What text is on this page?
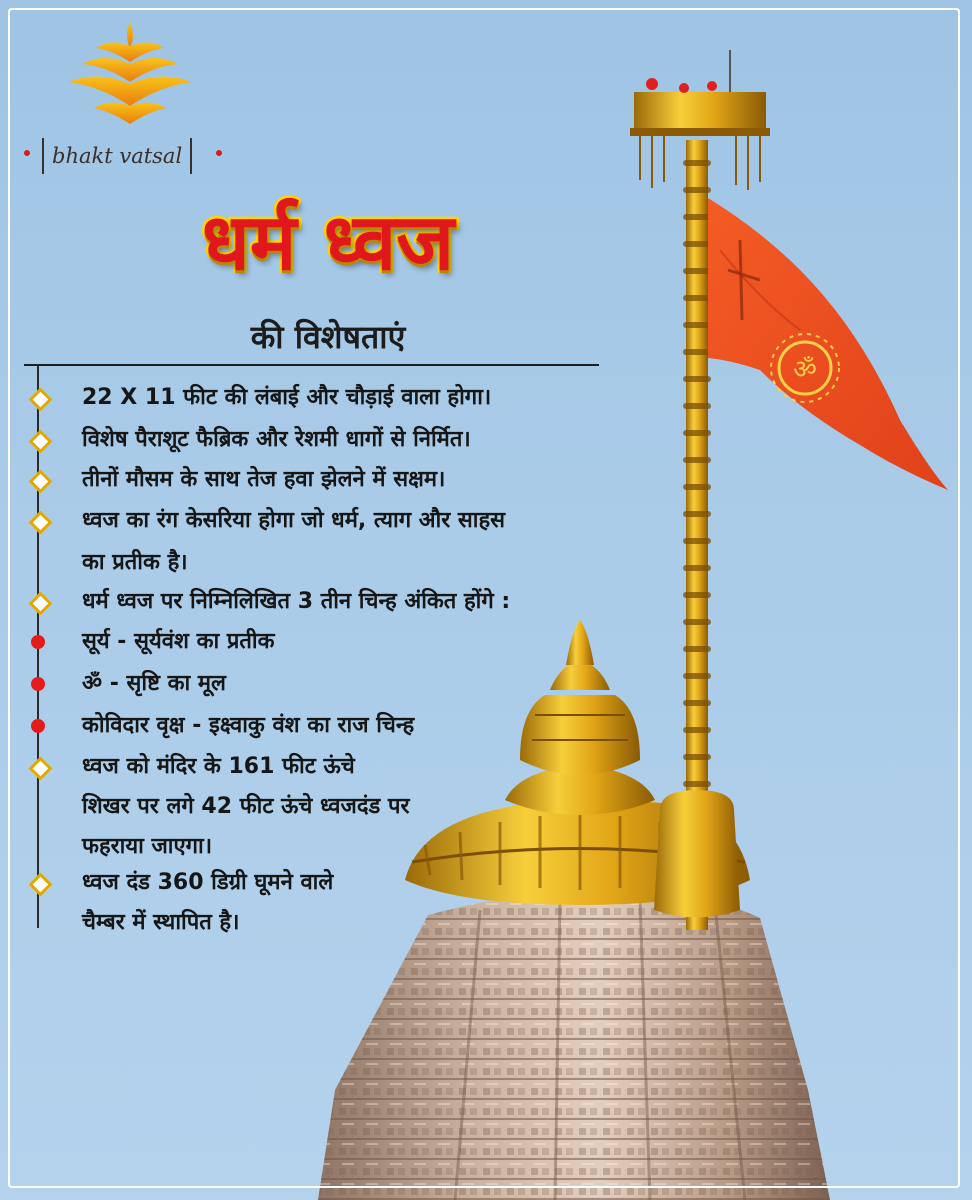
ॐ
bhakt vatsal
धर्म ध्वज
की विशेषताएं
22 X 11 फीट की लंबाई और चौड़ाई वाला होगा।
विशेष पैराशूट फैब्रिक और रेशमी धागों से निर्मित।
तीनों मौसम के साथ तेज हवा झेलने में सक्षम।
ध्वज का रंग केसरिया होगा जो धर्म, त्याग और साहस
का प्रतीक है।
धर्म ध्वज पर निम्निलिखित 3 तीन चिन्ह अंकित होंगे :
सूर्य - सूर्यवंश का प्रतीक
ॐ - सृष्टि का मूल
कोविदार वृक्ष - इक्ष्वाकु वंश का राज चिन्ह
ध्वज को मंदिर के 161 फीट ऊंचे
शिखर पर लगे 42 फीट ऊंचे ध्वजदंड पर
फहराया जाएगा।
ध्वज दंड 360 डिग्री घूमने वाले
चैम्बर में स्थापित है।
